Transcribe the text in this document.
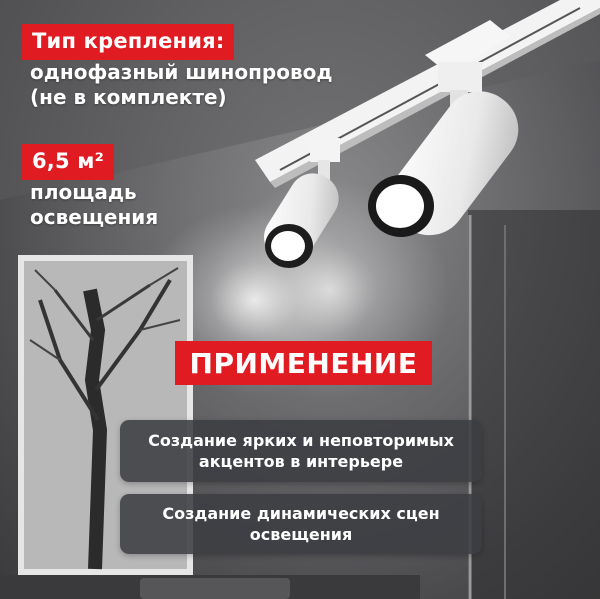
Тип крепления:
однофазный шинопровод
(не в комплекте)
6,5 м²
площадь
освещения
ПРИМЕНЕНИЕ
Создание ярких и неповторимых
акцентов в интерьере
Создание динамических сцен
освещения
